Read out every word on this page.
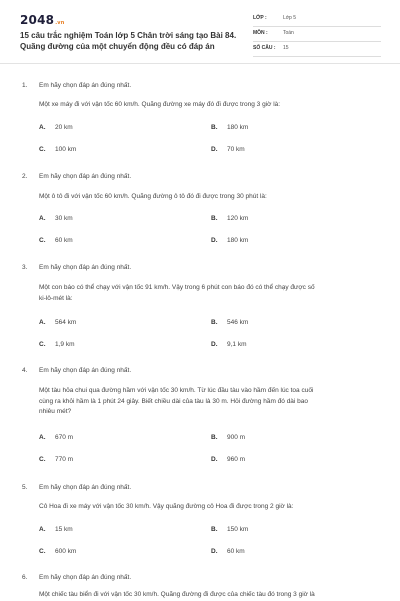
2048.vn
15 câu trắc nghiệm Toán lớp 5 Chân trời sáng tạo Bài 84.
Quãng đường của một chuyển động đều có đáp án
LỚP :	Lớp 5
MÔN :	Toán
SỐ CÂU : 15
1. Em hãy chọn đáp án đúng nhất.
Một xe máy đi với vận tốc 60 km/h. Quãng đường xe máy đó đi được trong 3 giờ là:
A. 20 km	B. 180 km
C. 100 km	D. 70 km
2. Em hãy chọn đáp án đúng nhất.
Một ô tô đi với vận tốc 60 km/h. Quãng đường ô tô đó đi được trong 30 phút là:
A. 30 km	B. 120 km
C. 60 km	D. 180 km
3. Em hãy chọn đáp án đúng nhất.
Một con báo có thể chạy với vận tốc 91 km/h. Vậy trong 6 phút con báo đó có thể chạy được số
ki-lô-mét là:
A. 564 km	B. 546 km
C. 1,9 km	D. 9,1 km
4. Em hãy chọn đáp án đúng nhất.
Một tàu hỏa chui qua đường hầm với vận tốc 30 km/h. Từ lúc đầu tàu vào hầm đến lúc toa cuối
cùng ra khỏi hầm là 1 phút 24 giây. Biết chiều dài của tàu là 30 m. Hỏi đường hầm đó dài bao
nhiêu mét?
A. 670 m	B. 900 m
C. 770 m	D. 960 m
5. Em hãy chọn đáp án đúng nhất.
Cô Hoa đi xe máy với vận tốc 30 km/h. Vậy quãng đường cô Hoa đi được trong 2 giờ là:
A. 15 km	B. 150 km
C. 600 km	D. 60 km
6. Em hãy chọn đáp án đúng nhất.
Một chiếc tàu biển đi với vận tốc 30 km/h. Quãng đường đi được của chiếc tàu đó trong 3 giờ là
